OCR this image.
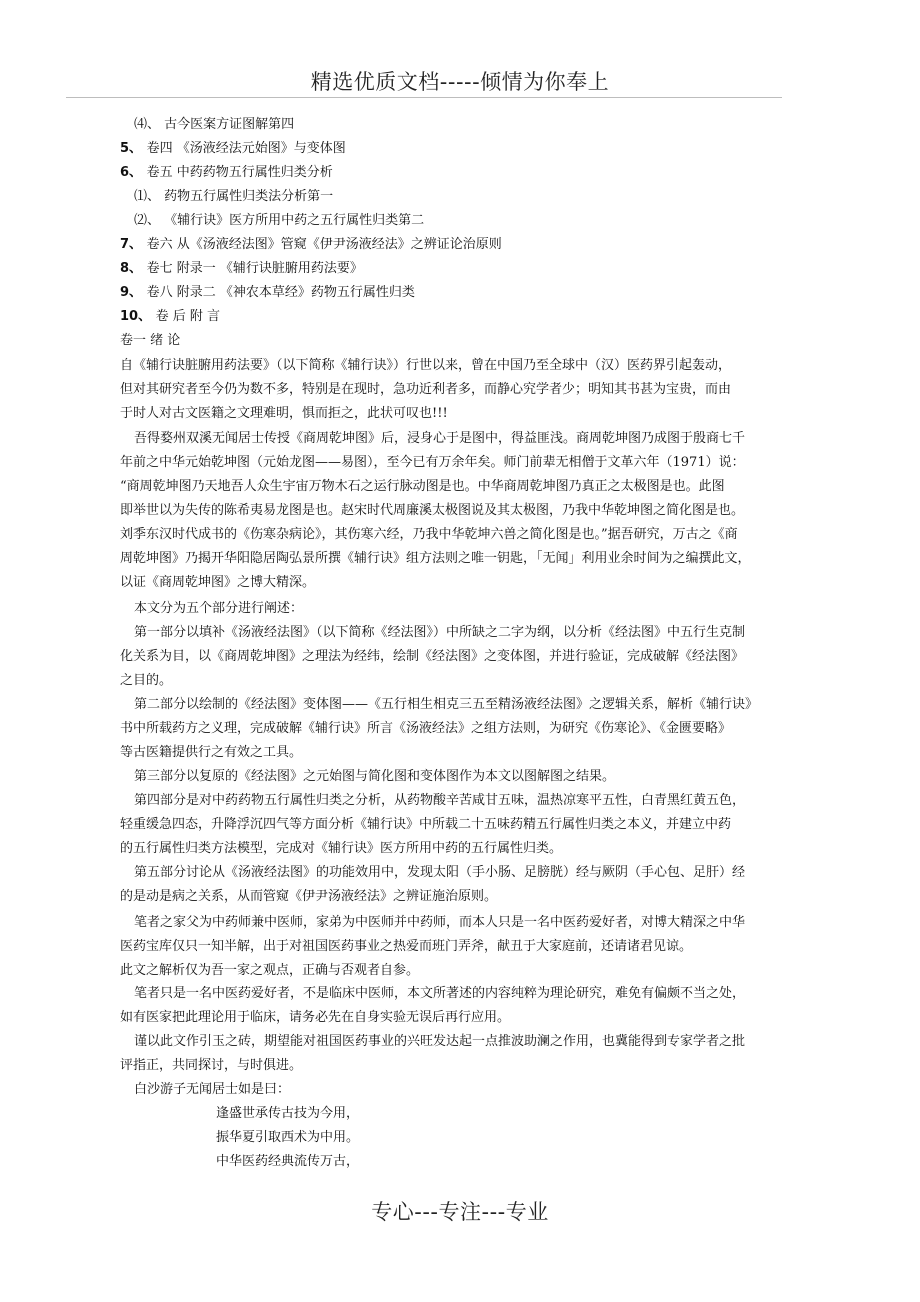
精选优质文档-----倾情为你奉上
⑷、 古今医案方证图解第四
5、 卷四 《汤液经法元始图》与变体图
6、 卷五 中药药物五行属性归类分析
⑴、 药物五行属性归类法分析第一
⑵、 《辅行诀》医方所用中药之五行属性归类第二
7、 卷六 从《汤液经法图》管窥《伊尹汤液经法》之辨证论治原则
8、 卷七 附录一 《辅行诀脏腑用药法要》
9、 卷八 附录二 《神农本草经》药物五行属性归类
10、 卷 后 附 言
卷一 绪 论
自《辅行诀脏腑用药法要》（以下简称《辅行诀》）行世以来，曾在中国乃至全球中（汉）医药界引起轰动，
但对其研究者至今仍为数不多，特别是在现时，急功近利者多，而静心究学者少；明知其书甚为宝贵，而由
于时人对古文医籍之文理难明，惧而拒之，此状可叹也!!!
吾得婺州双溪无闻居士传授《商周乾坤图》后，浸身心于是图中，得益匪浅。商周乾坤图乃成图于殷商七千
年前之中华元始乾坤图（元始龙图——易图），至今已有万余年矣。师门前辈无相僧于文革六年（1971）说：
“商周乾坤图乃天地吾人众生宇宙万物木石之运行脉动图是也。中华商周乾坤图乃真正之太极图是也。此图
即举世以为失传的陈希夷易龙图是也。赵宋时代周廉溪太极图说及其太极图，乃我中华乾坤图之简化图是也。
刘季东汉时代成书的《伤寒杂病论》，其伤寒六经，乃我中华乾坤六兽之简化图是也。”据吾研究，万古之《商
周乾坤图》乃揭开华阳隐居陶弘景所撰《辅行诀》组方法则之唯一钥匙，「无闻」利用业余时间为之编撰此文，
以证《商周乾坤图》之博大精深。
本文分为五个部分进行阐述：
第一部分以填补《汤液经法图》（以下简称《经法图》）中所缺之二字为纲，以分析《经法图》中五行生克制
化关系为目，以《商周乾坤图》之理法为经纬，绘制《经法图》之变体图，并进行验证，完成破解《经法图》
之目的。
第二部分以绘制的《经法图》变体图——《五行相生相克三五至精汤液经法图》之逻辑关系，解析《辅行诀》
书中所载药方之义理，完成破解《辅行诀》所言《汤液经法》之组方法则，为研究《伤寒论》、《金匮要略》
等古医籍提供行之有效之工具。
第三部分以复原的《经法图》之元始图与简化图和变体图作为本文以图解图之结果。
第四部分是对中药药物五行属性归类之分析，从药物酸辛苦咸甘五味，温热凉寒平五性，白青黑红黄五色，
轻重缓急四态，升降浮沉四气等方面分析《辅行诀》中所载二十五味药精五行属性归类之本义，并建立中药
的五行属性归类方法模型，完成对《辅行诀》医方所用中药的五行属性归类。
第五部分讨论从《汤液经法图》的功能效用中，发现太阳（手小肠、足膀胱）经与厥阴（手心包、足肝）经
的是动是病之关系，从而管窥《伊尹汤液经法》之辨证施治原则。
笔者之家父为中药师兼中医师，家弟为中医师并中药师，而本人只是一名中医药爱好者，对博大精深之中华
医药宝库仅只一知半解，出于对祖国医药事业之热爱而班门弄斧，献丑于大家庭前，还请诸君见谅。
此文之解析仅为吾一家之观点，正确与否观者自参。
笔者只是一名中医药爱好者，不是临床中医师，本文所著述的内容纯粹为理论研究，难免有偏颇不当之处，
如有医家把此理论用于临床，请务必先在自身实验无误后再行应用。
谨以此文作引玉之砖，期望能对祖国医药事业的兴旺发达起一点推波助澜之作用，也冀能得到专家学者之批
评指正，共同探讨，与时俱进。
白沙游子无闻居士如是曰：
逢盛世承传古技为今用，
振华夏引取西术为中用。
中华医药经典流传万古，
专心---专注---专业
